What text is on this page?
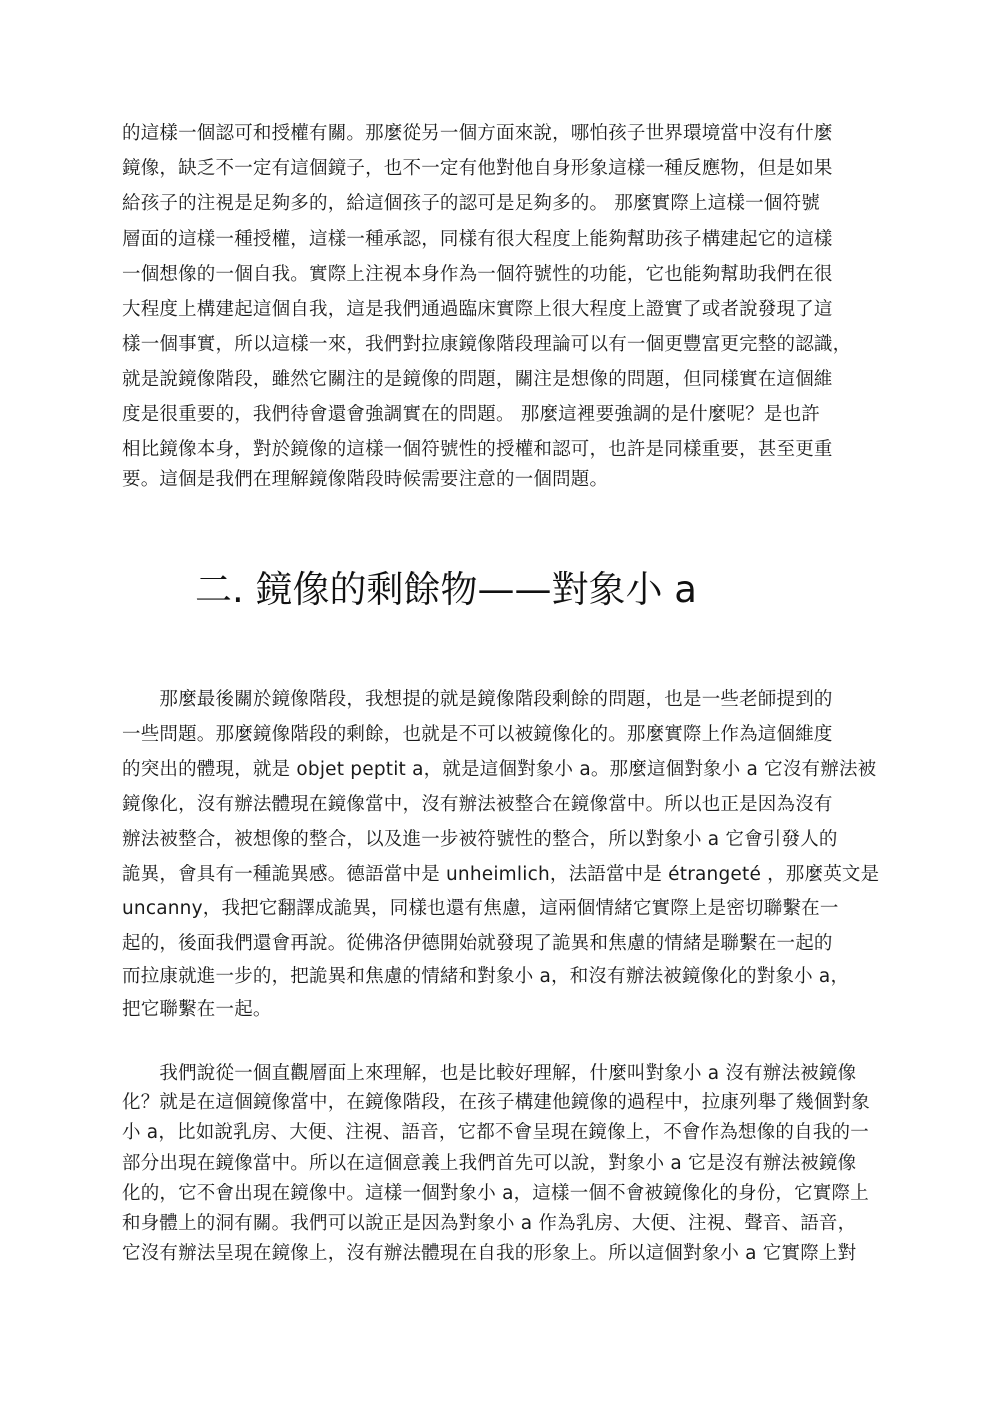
的這樣一個認可和授權有關。那麼從另一個方面來說，哪怕孩子世界環境當中沒有什麼
鏡像，缺乏不一定有這個鏡子，也不一定有他對他自身形象這樣一種反應物，但是如果
給孩子的注視是足夠多的，給這個孩子的認可是足夠多的。 那麼實際上這樣一個符號
層面的這樣一種授權，這樣一種承認，同樣有很大程度上能夠幫助孩子構建起它的這樣
一個想像的一個自我。實際上注視本身作為一個符號性的功能，它也能夠幫助我們在很
大程度上構建起這個自我，這是我們通過臨床實際上很大程度上證實了或者說發現了這
樣一個事實，所以這樣一來，我們對拉康鏡像階段理論可以有一個更豐富更完整的認識，
就是說鏡像階段，雖然它關注的是鏡像的問題，關注是想像的問題，但同樣實在這個維
度是很重要的，我們待會還會強調實在的問題。 那麼這裡要強調的是什麼呢？是也許
相比鏡像本身，對於鏡像的這樣一個符號性的授權和認可，也許是同樣重要，甚至更重
要。這個是我們在理解鏡像階段時候需要注意的一個問題。
二. 鏡像的剩餘物——對象小 a
　　那麼最後關於鏡像階段，我想提的就是鏡像階段剩餘的問題，也是一些老師提到的
一些問題。那麼鏡像階段的剩餘，也就是不可以被鏡像化的。那麼實際上作為這個維度
的突出的體現，就是 objet peptit a，就是這個對象小 a。那麼這個對象小 a 它沒有辦法被
鏡像化，沒有辦法體現在鏡像當中，沒有辦法被整合在鏡像當中。所以也正是因為沒有
辦法被整合，被想像的整合，以及進一步被符號性的整合，所以對象小 a 它會引發人的
詭異，會具有一種詭異感。德語當中是 unheimlich，法語當中是 étrangeté ，那麼英文是
uncanny，我把它翻譯成詭異，同樣也還有焦慮，這兩個情緒它實際上是密切聯繫在一
起的，後面我們還會再說。從佛洛伊德開始就發現了詭異和焦慮的情緒是聯繫在一起的
而拉康就進一步的，把詭異和焦慮的情緒和對象小 a，和沒有辦法被鏡像化的對象小 a，
把它聯繫在一起。
　　我們說從一個直觀層面上來理解，也是比較好理解，什麼叫對象小 a 沒有辦法被鏡像
化？就是在這個鏡像當中，在鏡像階段，在孩子構建他鏡像的過程中，拉康列舉了幾個對象
小 a，比如說乳房、大便、注視、語音，它都不會呈現在鏡像上，不會作為想像的自我的一
部分出現在鏡像當中。所以在這個意義上我們首先可以說，對象小 a 它是沒有辦法被鏡像
化的，它不會出現在鏡像中。這樣一個對象小 a，這樣一個不會被鏡像化的身份，它實際上
和身體上的洞有關。我們可以說正是因為對象小 a 作為乳房、大便、注視、聲音、語音，
它沒有辦法呈現在鏡像上，沒有辦法體現在自我的形象上。所以這個對象小 a 它實際上對
